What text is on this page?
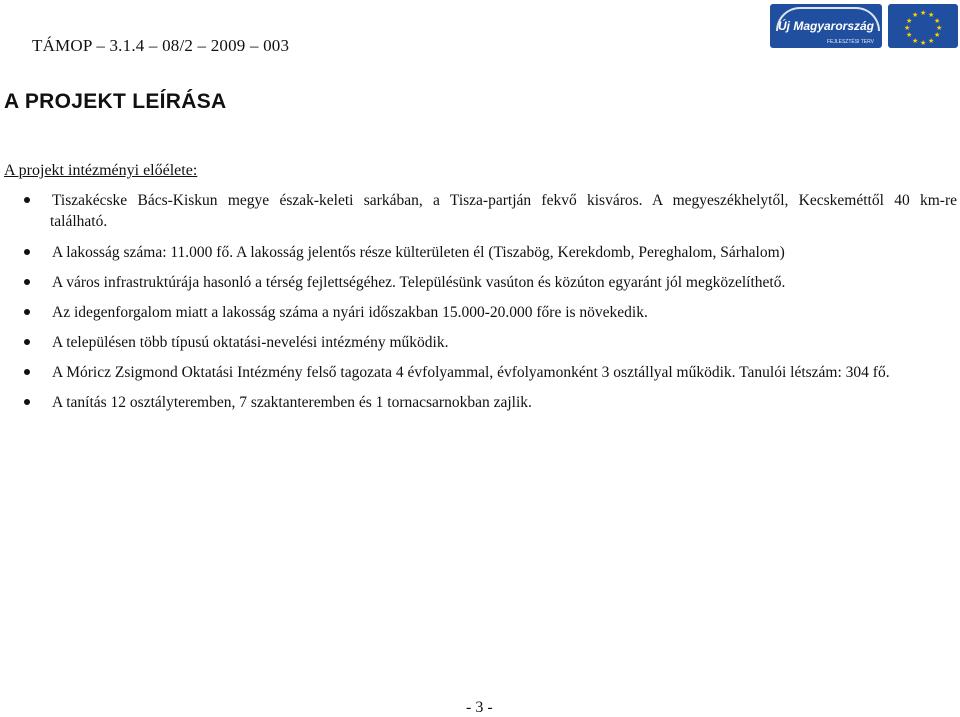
TÁMOP – 3.1.4 – 08/2 – 2009 – 003
Új Magyarország
FEJLESZTÉSI TERV
★ ★
★
★
★
★
★
★
★
★
★
★
A PROJEKT LEÍRÁSA
A projekt intézményi előélete:
Tiszakécske Bács-Kiskun megye észak-keleti sarkában, a Tisza-partján fekvő kisváros. A megyeszékhelytől, Kecskeméttől 40 km-re
található.
A lakosság száma: 11.000 fő. A lakosság jelentős része külterületen él (Tiszabög, Kerekdomb, Pereghalom, Sárhalom)
A város infrastruktúrája hasonló a térség fejlettségéhez. Településünk vasúton és közúton egyaránt jól megközelíthető.
Az idegenforgalom miatt a lakosság száma a nyári időszakban 15.000-20.000 főre is növekedik.
A településen több típusú oktatási-nevelési intézmény működik.
A Móricz Zsigmond Oktatási Intézmény felső tagozata 4 évfolyammal, évfolyamonként 3 osztállyal működik. Tanulói létszám: 304 fő.
A tanítás 12 osztályteremben, 7 szaktanteremben és 1 tornacsarnokban zajlik.
- 3 -
